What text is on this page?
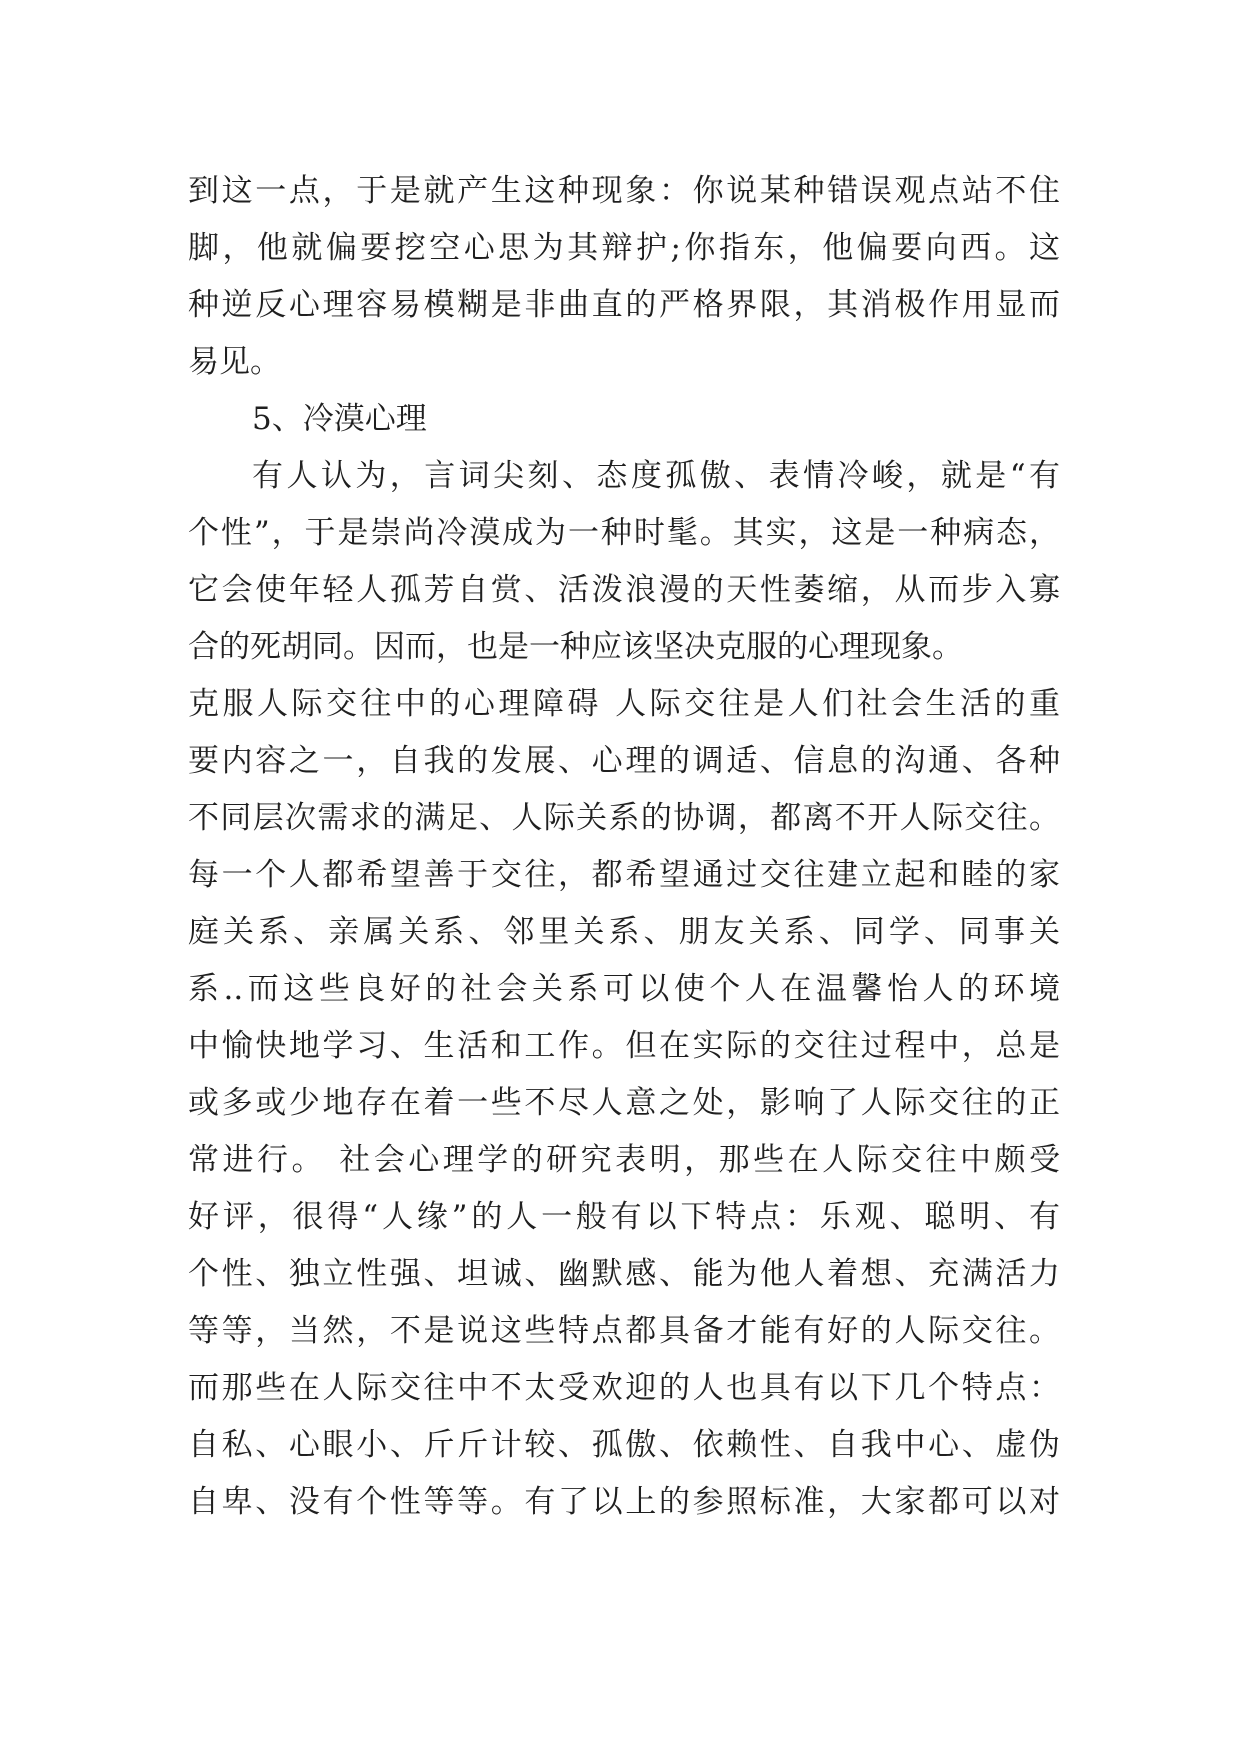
到这一点，于是就产生这种现象：你说某种错误观点站不住
脚，他就偏要挖空心思为其辩护;你指东，他偏要向西。这
种逆反心理容易模糊是非曲直的严格界限，其消极作用显而
易见。
5、冷漠心理
有人认为，言词尖刻、态度孤傲、表情冷峻，就是“有
个性”，于是崇尚冷漠成为一种时髦。其实，这是一种病态，
它会使年轻人孤芳自赏、活泼浪漫的天性萎缩，从而步入寡
合的死胡同。因而，也是一种应该坚决克服的心理现象。
克服人际交往中的心理障碍 人际交往是人们社会生活的重
要内容之一，自我的发展、心理的调适、信息的沟通、各种
不同层次需求的满足、人际关系的协调，都离不开人际交往。
每一个人都希望善于交往，都希望通过交往建立起和睦的家
庭关系、亲属关系、邻里关系、朋友关系、同学、同事关
系..而这些良好的社会关系可以使个人在温馨怡人的环境
中愉快地学习、生活和工作。但在实际的交往过程中，总是
或多或少地存在着一些不尽人意之处，影响了人际交往的正
常进行。 社会心理学的研究表明，那些在人际交往中颇受
好评，很得“人缘”的人一般有以下特点：乐观、聪明、有
个性、独立性强、坦诚、幽默感、能为他人着想、充满活力
等等，当然，不是说这些特点都具备才能有好的人际交往。
而那些在人际交往中不太受欢迎的人也具有以下几个特点：
自私、心眼小、斤斤计较、孤傲、依赖性、自我中心、虚伪
自卑、没有个性等等。有了以上的参照标准，大家都可以对
